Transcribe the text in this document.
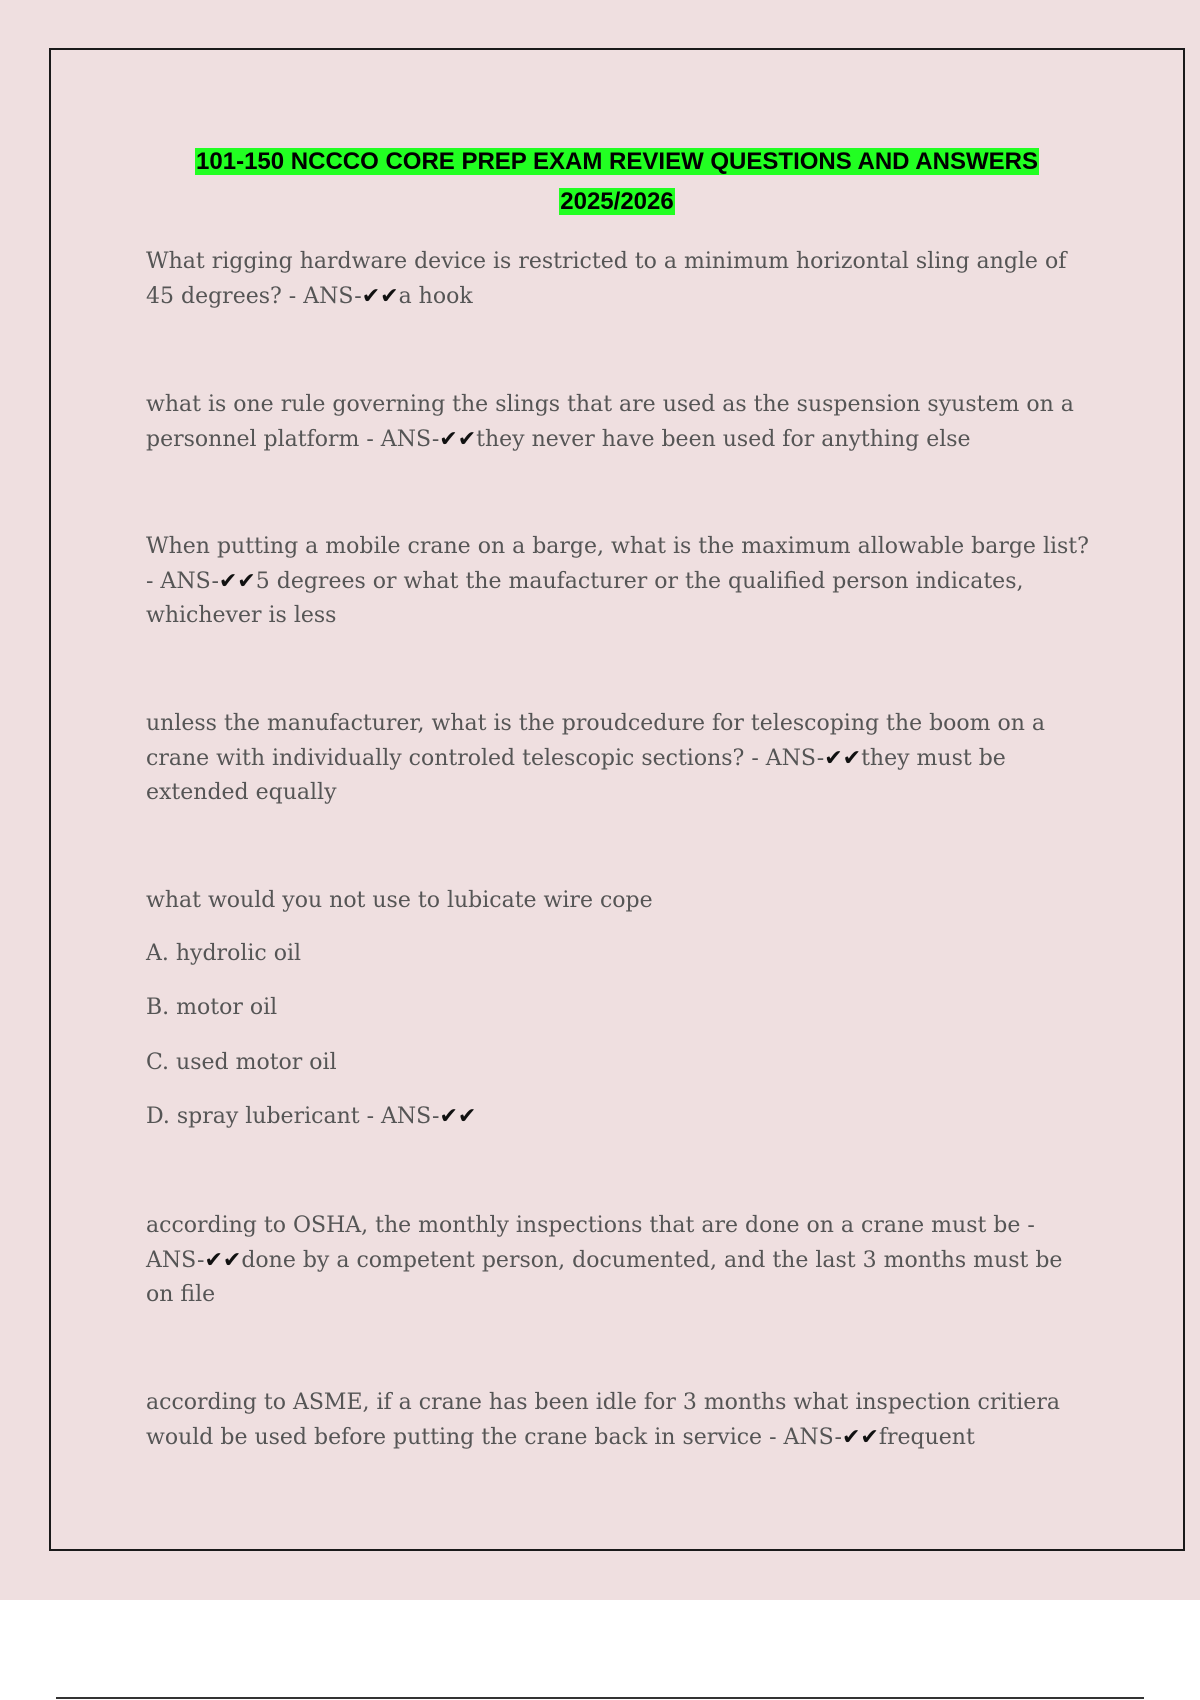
101-150 NCCCO CORE PREP EXAM REVIEW QUESTIONS AND ANSWERS
2025/2026

What rigging hardware device is restricted to a minimum horizontal sling angle of 45 degrees? - ANS-✔✔a hook

what is one rule governing the slings that are used as the suspension syustem on a personnel platform - ANS-✔✔they never have been used for anything else

When putting a mobile crane on a barge, what is the maximum allowable barge list? - ANS-✔✔5 degrees or what the maufacturer or the qualified person indicates, whichever is less

unless the manufacturer, what is the proudcedure for telescoping the boom on a crane with individually controled telescopic sections? - ANS-✔✔they must be extended equally

what would you not use to lubicate wire cope

A. hydrolic oil

B. motor oil

C. used motor oil

D. spray lubericant - ANS-✔✔

according to OSHA, the monthly inspections that are done on a crane must be - ANS-✔✔done by a competent person, documented, and the last 3 months must be on file

according to ASME, if a crane has been idle for 3 months what inspection critiera would be used before putting the crane back in service - ANS-✔✔frequent
